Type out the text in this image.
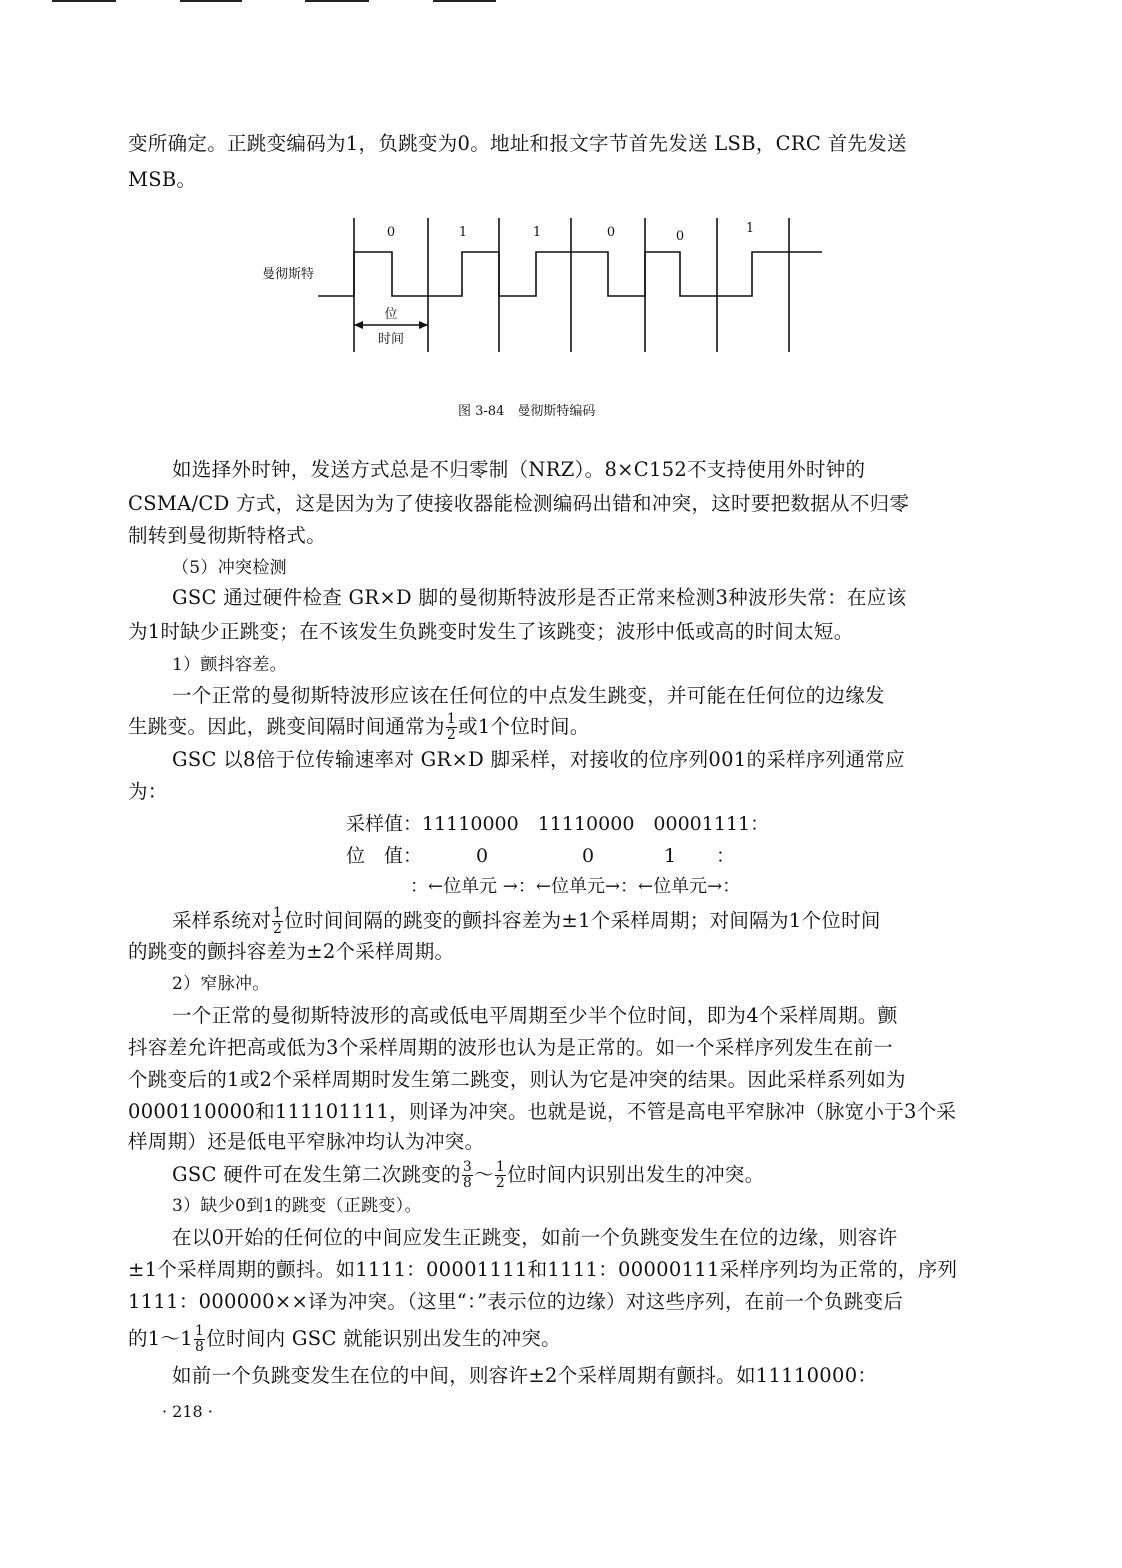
变所确定。正跳变编码为1，负跳变为0。地址和报文字节首先发送 LSB，CRC 首先发送
MSB。
0	1	1	0	0
1
曼彻斯特
位
时间
图 3-84　曼彻斯特编码
如选择外时钟，发送方式总是不归零制（NRZ）。8×C152不支持使用外时钟的
CSMA/CD 方式，这是因为为了使接收器能检测编码出错和冲突，这时要把数据从不归零
制转到曼彻斯特格式。
（5）冲突检测
GSC 通过硬件检查 GR×D 脚的曼彻斯特波形是否正常来检测3种波形失常：在应该
为1时缺少正跳变；在不该发生负跳变时发生了该跳变；波形中低或高的时间太短。
1）颤抖容差。
一个正常的曼彻斯特波形应该在任何位的中点发生跳变，并可能在任何位的边缘发
生跳变。因此，跳变间隔时间通常为 $\frac{1}{2}$ 或1个位时间。
GSC 以8倍于位传输速率对 GR×D 脚采样，对接收的位序列001的采样序列通常应
为：
采样值：11110000　11110000　00001111：
位　值：	0	0	1 ：
：←位单元 →：←位单元→：←位单元→：
采样系统对 $\frac{1}{2}$ 位时间间隔的跳变的颤抖容差为±1个采样周期；对间隔为1个位时间
的跳变的颤抖容差为±2个采样周期。
2）窄脉冲。
一个正常的曼彻斯特波形的高或低电平周期至少半个位时间，即为4个采样周期。颤
抖容差允许把高或低为3个采样周期的波形也认为是正常的。如一个采样序列发生在前一
个跳变后的1或2个采样周期时发生第二跳变，则认为它是冲突的结果。因此采样系列如为
0000110000和111101111，则译为冲突。也就是说，不管是高电平窄脉冲（脉宽小于3个采
样周期）还是低电平窄脉冲均认为冲突。
GSC 硬件可在发生第二次跳变的 $\frac{3}{8}$ ～ $\frac{1}{2}$ 位时间内识别出发生的冲突。
3）缺少0到1的跳变（正跳变）。
在以0开始的任何位的中间应发生正跳变，如前一个负跳变发生在位的边缘，则容许
±1个采样周期的颤抖。如1111：00001111和1111：00000111采样序列均为正常的，序列
1111：000000××译为冲突。（这里“：”表示位的边缘）对这些序列，在前一个负跳变后
的1～1 $\frac{1}{8}$ 位时间内 GSC 就能识别出发生的冲突。
如前一个负跳变发生在位的中间，则容许±2个采样周期有颤抖。如11110000：
· 218 ·
